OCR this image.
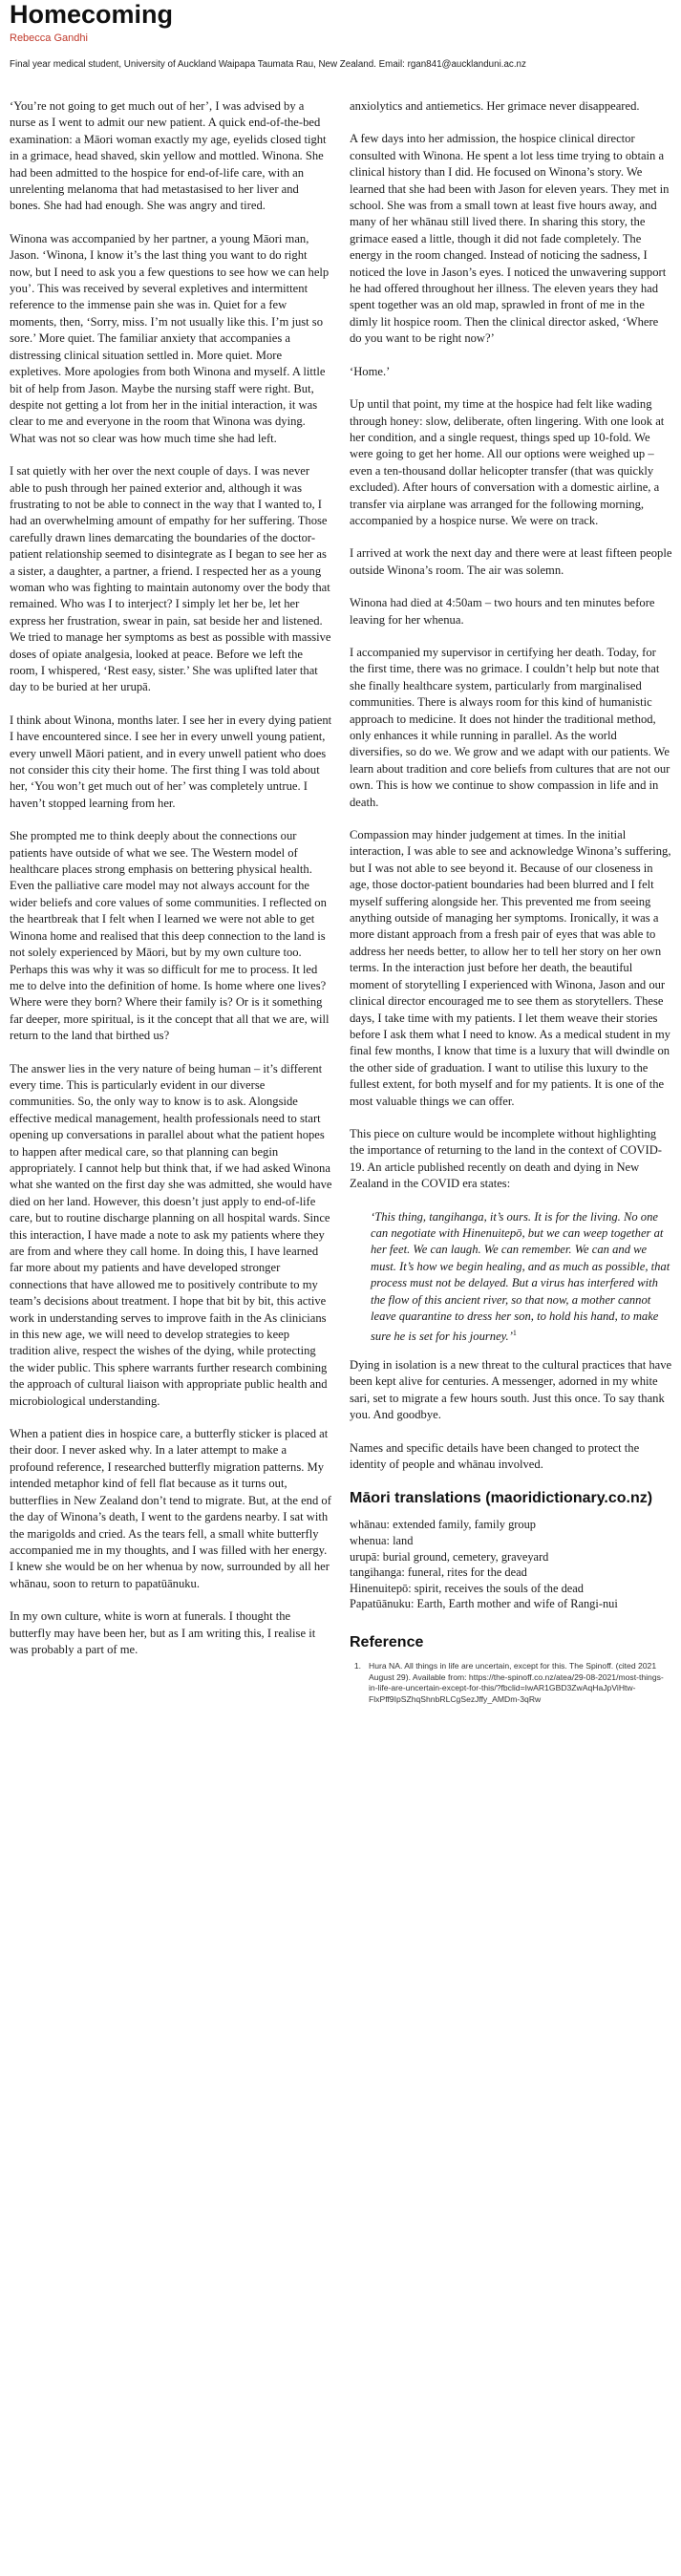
Homecoming

Rebecca Gandhi

Final year medical student, University of Auckland Waipapa Taumata Rau, New Zealand. Email: rgan841@aucklanduni.ac.nz

‘You’re not going to get much out of her’, I was advised by a nurse as I went to admit our new patient. A quick end-of-the-bed examination: a Māori woman exactly my age, eyelids closed tight in a grimace, head shaved, skin yellow and mottled. Winona. She had been admitted to the hospice for end-of-life care, with an unrelenting melanoma that had metastasised to her liver and bones. She had had enough. She was angry and tired.

Winona was accompanied by her partner, a young Māori man, Jason. ‘Winona, I know it’s the last thing you want to do right now, but I need to ask you a few questions to see how we can help you’. This was received by several expletives and intermittent reference to the immense pain she was in. Quiet for a few moments, then, ‘Sorry, miss. I’m not usually like this. I’m just so sore.’ More quiet. The familiar anxiety that accompanies a distressing clinical situation settled in. More quiet. More expletives. More apologies from both Winona and myself. A little bit of help from Jason. Maybe the nursing staff were right. But, despite not getting a lot from her in the initial interaction, it was clear to me and everyone in the room that Winona was dying. What was not so clear was how much time she had left.

I sat quietly with her over the next couple of days. I was never able to push through her pained exterior and, although it was frustrating to not be able to connect in the way that I wanted to, I had an overwhelming amount of empathy for her suffering. Those carefully drawn lines demarcating the boundaries of the doctor-patient relationship seemed to disintegrate as I began to see her as a sister, a daughter, a partner, a friend. I respected her as a young woman who was fighting to maintain autonomy over the body that remained. Who was I to interject? I simply let her be, let her express her frustration, swear in pain, sat beside her and listened. We tried to manage her symptoms as best as possible with massive doses of opiate analgesia, looked at peace. Before we left the room, I whispered, ‘Rest easy, sister.’ She was uplifted later that day to be buried at her urupā.

I think about Winona, months later. I see her in every dying patient I have encountered since. I see her in every unwell young patient, every unwell Māori patient, and in every unwell patient who does not consider this city their home. The first thing I was told about her, ‘You won’t get much out of her’ was completely untrue. I haven’t stopped learning from her.

She prompted me to think deeply about the connections our patients have outside of what we see. The Western model of healthcare places strong emphasis on bettering physical health. Even the palliative care model may not always account for the wider beliefs and core values of some communities. I reflected on the heartbreak that I felt when I learned we were not able to get Winona home and realised that this deep connection to the land is not solely experienced by Māori, but by my own culture too. Perhaps this was why it was so difficult for me to process. It led me to delve into the definition of home. Is home where one lives? Where were they born? Where their family is? Or is it something far deeper, more spiritual, is it the concept that all that we are, will return to the land that birthed us?

The answer lies in the very nature of being human – it’s different every time. This is particularly evident in our diverse communities. So, the only way to know is to ask. Alongside effective medical management, health professionals need to start opening up conversations in parallel about what the patient hopes to happen after medical care, so that planning can begin appropriately. I cannot help but think that, if we had asked Winona what she wanted on the first day she was admitted, she would have died on her land. However, this doesn’t just apply to end-of-life care, but to routine discharge planning on all hospital wards. Since this interaction, I have made a note to ask my patients where they are from and where they call home. In doing this, I have learned far more about my patients and have developed stronger connections that have allowed me to positively contribute to my team’s decisions about treatment. I hope that bit by bit, this active work in understanding serves to improve faith in the As clinicians in this new age, we will need to develop strategies to keep tradition alive, respect the wishes of the dying, while protecting the wider public. This sphere warrants further research combining the approach of cultural liaison with appropriate public health and microbiological understanding.

When a patient dies in hospice care, a butterfly sticker is placed at their door. I never asked why. In a later attempt to make a profound reference, I researched butterfly migration patterns. My intended metaphor kind of fell flat because as it turns out, butterflies in New Zealand don’t tend to migrate. But, at the end of the day of Winona’s death, I went to the gardens nearby. I sat with the marigolds and cried. As the tears fell, a small white butterfly accompanied me in my thoughts, and I was filled with her energy. I knew she would be on her whenua by now, surrounded by all her whānau, soon to return to papatūānuku.

In my own culture, white is worn at funerals. I thought the butterfly may have been her, but as I am writing this, I realise it was probably a part of me.

anxiolytics and antiemetics. Her grimace never disappeared.

A few days into her admission, the hospice clinical director consulted with Winona. He spent a lot less time trying to obtain a clinical history than I did. He focused on Winona’s story. We learned that she had been with Jason for eleven years. They met in school. She was from a small town at least five hours away, and many of her whānau still lived there. In sharing this story, the grimace eased a little, though it did not fade completely. The energy in the room changed. Instead of noticing the sadness, I noticed the love in Jason’s eyes. I noticed the unwavering support he had offered throughout her illness. The eleven years they had spent together was an old map, sprawled in front of me in the dimly lit hospice room. Then the clinical director asked, ‘Where do you want to be right now?’

‘Home.’

Up until that point, my time at the hospice had felt like wading through honey: slow, deliberate, often lingering. With one look at her condition, and a single request, things sped up 10-fold. We were going to get her home. All our options were weighed up – even a ten-thousand dollar helicopter transfer (that was quickly excluded). After hours of conversation with a domestic airline, a transfer via airplane was arranged for the following morning, accompanied by a hospice nurse. We were on track.

I arrived at work the next day and there were at least fifteen people outside Winona’s room. The air was solemn.

Winona had died at 4:50am – two hours and ten minutes before leaving for her whenua.

I accompanied my supervisor in certifying her death. Today, for the first time, there was no grimace. I couldn’t help but note that she finally healthcare system, particularly from marginalised communities. There is always room for this kind of humanistic approach to medicine. It does not hinder the traditional method, only enhances it while running in parallel. As the world diversifies, so do we. We grow and we adapt with our patients. We learn about tradition and core beliefs from cultures that are not our own. This is how we continue to show compassion in life and in death.

Compassion may hinder judgement at times. In the initial interaction, I was able to see and acknowledge Winona’s suffering, but I was not able to see beyond it. Because of our closeness in age, those doctor-patient boundaries had been blurred and I felt myself suffering alongside her. This prevented me from seeing anything outside of managing her symptoms. Ironically, it was a more distant approach from a fresh pair of eyes that was able to address her needs better, to allow her to tell her story on her own terms. In the interaction just before her death, the beautiful moment of storytelling I experienced with Winona, Jason and our clinical director encouraged me to see them as storytellers. These days, I take time with my patients. I let them weave their stories before I ask them what I need to know. As a medical student in my final few months, I know that time is a luxury that will dwindle on the other side of graduation. I want to utilise this luxury to the fullest extent, for both myself and for my patients. It is one of the most valuable things we can offer.

This piece on culture would be incomplete without highlighting the importance of returning to the land in the context of COVID-19. An article published recently on death and dying in New Zealand in the COVID era states:

‘This thing, tangihanga, it’s ours. It is for the living. No one can negotiate with Hinenuitepō, but we can weep together at her feet. We can laugh. We can remember. We can and we must. It’s how we begin healing, and as much as possible, that process must not be delayed. But a virus has interfered with the flow of this ancient river, so that now, a mother cannot leave quarantine to dress her son, to hold his hand, to make sure he is set for his journey.’$^1$

Dying in isolation is a new threat to the cultural practices that have been kept alive for centuries. A messenger, adorned in my white sari, set to migrate a few hours south. Just this once. To say thank you. And goodbye.

Names and specific details have been changed to protect the identity of people and whānau involved.

Māori translations (maoridictionary.co.nz)

whānau: extended family, family group

whenua: land

urupā: burial ground, cemetery, graveyard

tangihanga: funeral, rites for the dead

Hinenuitepō: spirit, receives the souls of the dead

Papatūānuku: Earth, Earth mother and wife of Rangi-nui

Reference
1. Hura NA. All things in life are uncertain, except for this. The Spinoff. (cited 2021 August 29). Available from: https://the-spinoff.co.nz/atea/29-08-2021/most-things-in-life-are-uncertain-except-for-this/?fbclid=IwAR1GBD3ZwAqHaJpViHtw-FlxPff9IpSZhqShnbRLCgSezJffy_AMDm-3qRw
